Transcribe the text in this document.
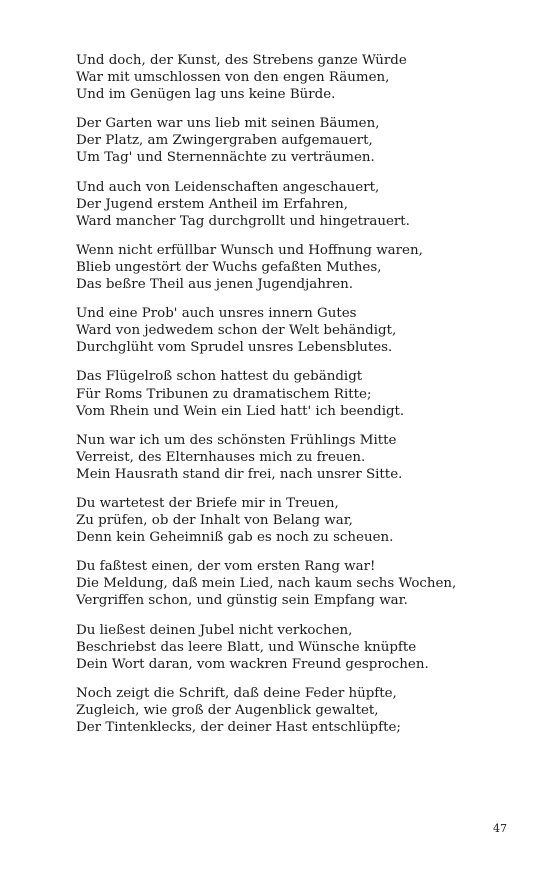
Und doch, der Kunst, des Strebens ganze Würde
War mit umschlossen von den engen Räumen,
Und im Genügen lag uns keine Bürde.
Der Garten war uns lieb mit seinen Bäumen,
Der Platz, am Zwingergraben aufgemauert,
Um Tag' und Sternennächte zu verträumen.
Und auch von Leidenschaften angeschauert,
Der Jugend erstem Antheil im Erfahren,
Ward mancher Tag durchgrollt und hingetrauert.
Wenn nicht erfüllbar Wunsch und Hoffnung waren,
Blieb ungestört der Wuchs gefaßten Muthes,
Das beßre Theil aus jenen Jugendjahren.
Und eine Prob' auch unsres innern Gutes
Ward von jedwedem schon der Welt behändigt,
Durchglüht vom Sprudel unsres Lebensblutes.
Das Flügelroß schon hattest du gebändigt
Für Roms Tribunen zu dramatischem Ritte;
Vom Rhein und Wein ein Lied hatt' ich beendigt.
Nun war ich um des schönsten Frühlings Mitte
Verreist, des Elternhauses mich zu freuen.
Mein Hausrath stand dir frei, nach unsrer Sitte.
Du wartetest der Briefe mir in Treuen,
Zu prüfen, ob der Inhalt von Belang war,
Denn kein Geheimniß gab es noch zu scheuen.
Du faßtest einen, der vom ersten Rang war!
Die Meldung, daß mein Lied, nach kaum sechs Wochen,
Vergriffen schon, und günstig sein Empfang war.
Du ließest deinen Jubel nicht verkochen,
Beschriebst das leere Blatt, und Wünsche knüpfte
Dein Wort daran, vom wackren Freund gesprochen.
Noch zeigt die Schrift, daß deine Feder hüpfte,
Zugleich, wie groß der Augenblick gewaltet,
Der Tintenklecks, der deiner Hast entschlüpfte;
47
